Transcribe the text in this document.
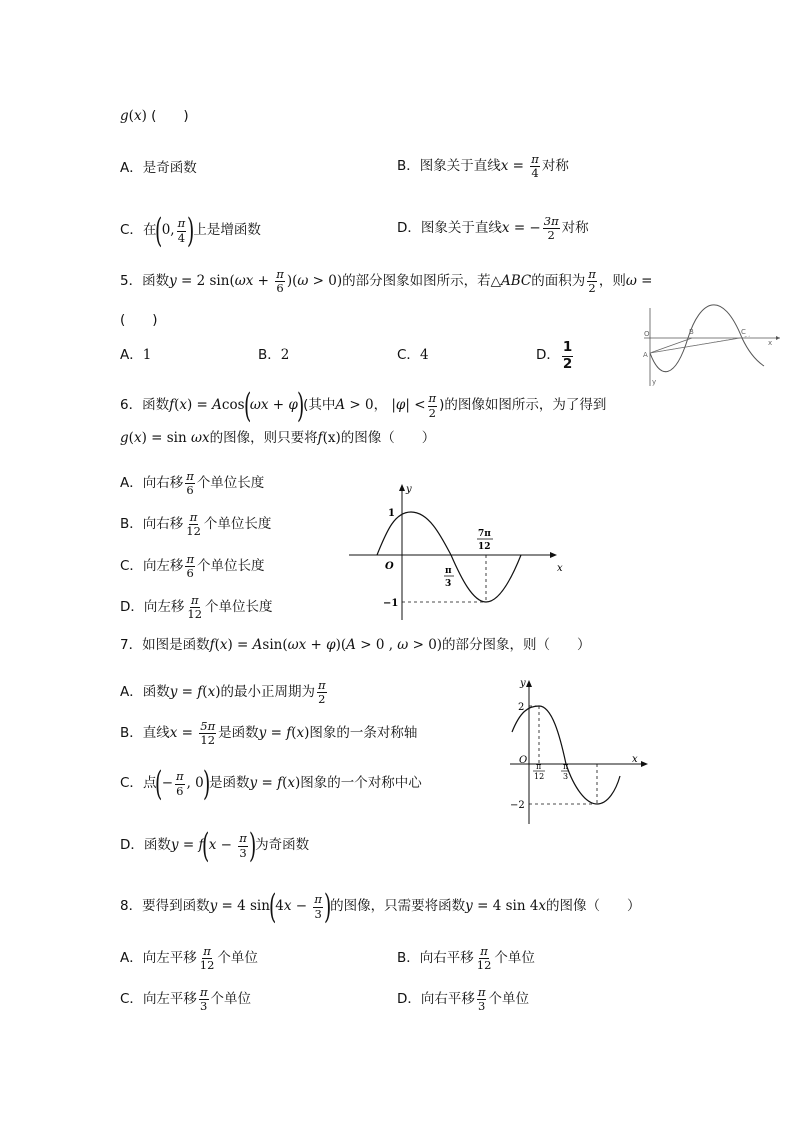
g ( x )
(　　)
A． 是奇函数	B． 图象关于直线 $x = \frac{\pi}{4}$ 对称
C． 在
(
0, π
4 )
上是增函数	D． 图象关于直线 x = − $\frac{3\pi}{2}$ 对称
5． 函数 y = 2 sin( $\omega x + \frac{\pi}{6}$ )( ω > 0) 的部分图象如图所示，若 △ ABC 的面积为 π
2 ，则 ω =
(　　)
A． 1	B． 2	C． 4	D．
1
2
O	B	C
x
A
y
6． 函数 f ( x ) = A cos
(
ωx + φ
)
(其中 A > 0 ， | φ | < π
2 )的图像如图所示，为了得到
g ( x ) = sin ωx 的图像，则只要将 f (x) 的图像（　　）
A． 向右移 π
6 个单位长度
B． 向右移 π
12 个单位长度
C． 向左移 π
6 个单位长度
D． 向左移 π
12 个单位长度
y
x
O
1
−1
π
3
7π
12
7． 如图是函数 f ( x ) = A sin( ωx + φ )( A > 0 , ω > 0) 的部分图象，则（　　）
A． 函数 y = f ( x ) 的最小正周期为 π
2
B． 直线 $x = \frac{5\pi}{12}$ 是函数 y = f ( x ) 图象的一条对称轴
C． 点
(
− $\frac{\pi}{6}$ , 0
)
是函数 y = f ( x ) 图象的一个对称中心
D． 函数 y = f
(
$x - \frac{\pi}{3}$ )
为奇函数
y
x
O
2
−2
π
12
π
3
8． 要得到函数 y = 4 sin
(
4 $x - \frac{\pi}{3}$ )
的图像，只需要将函数 y = 4 sin 4 x 的图像（　　）
A． 向左平移 π
12 个单位	B． 向右平移 π
12 个单位
C． 向左平移 π
3 个单位	D． 向右平移 π
3 个单位
